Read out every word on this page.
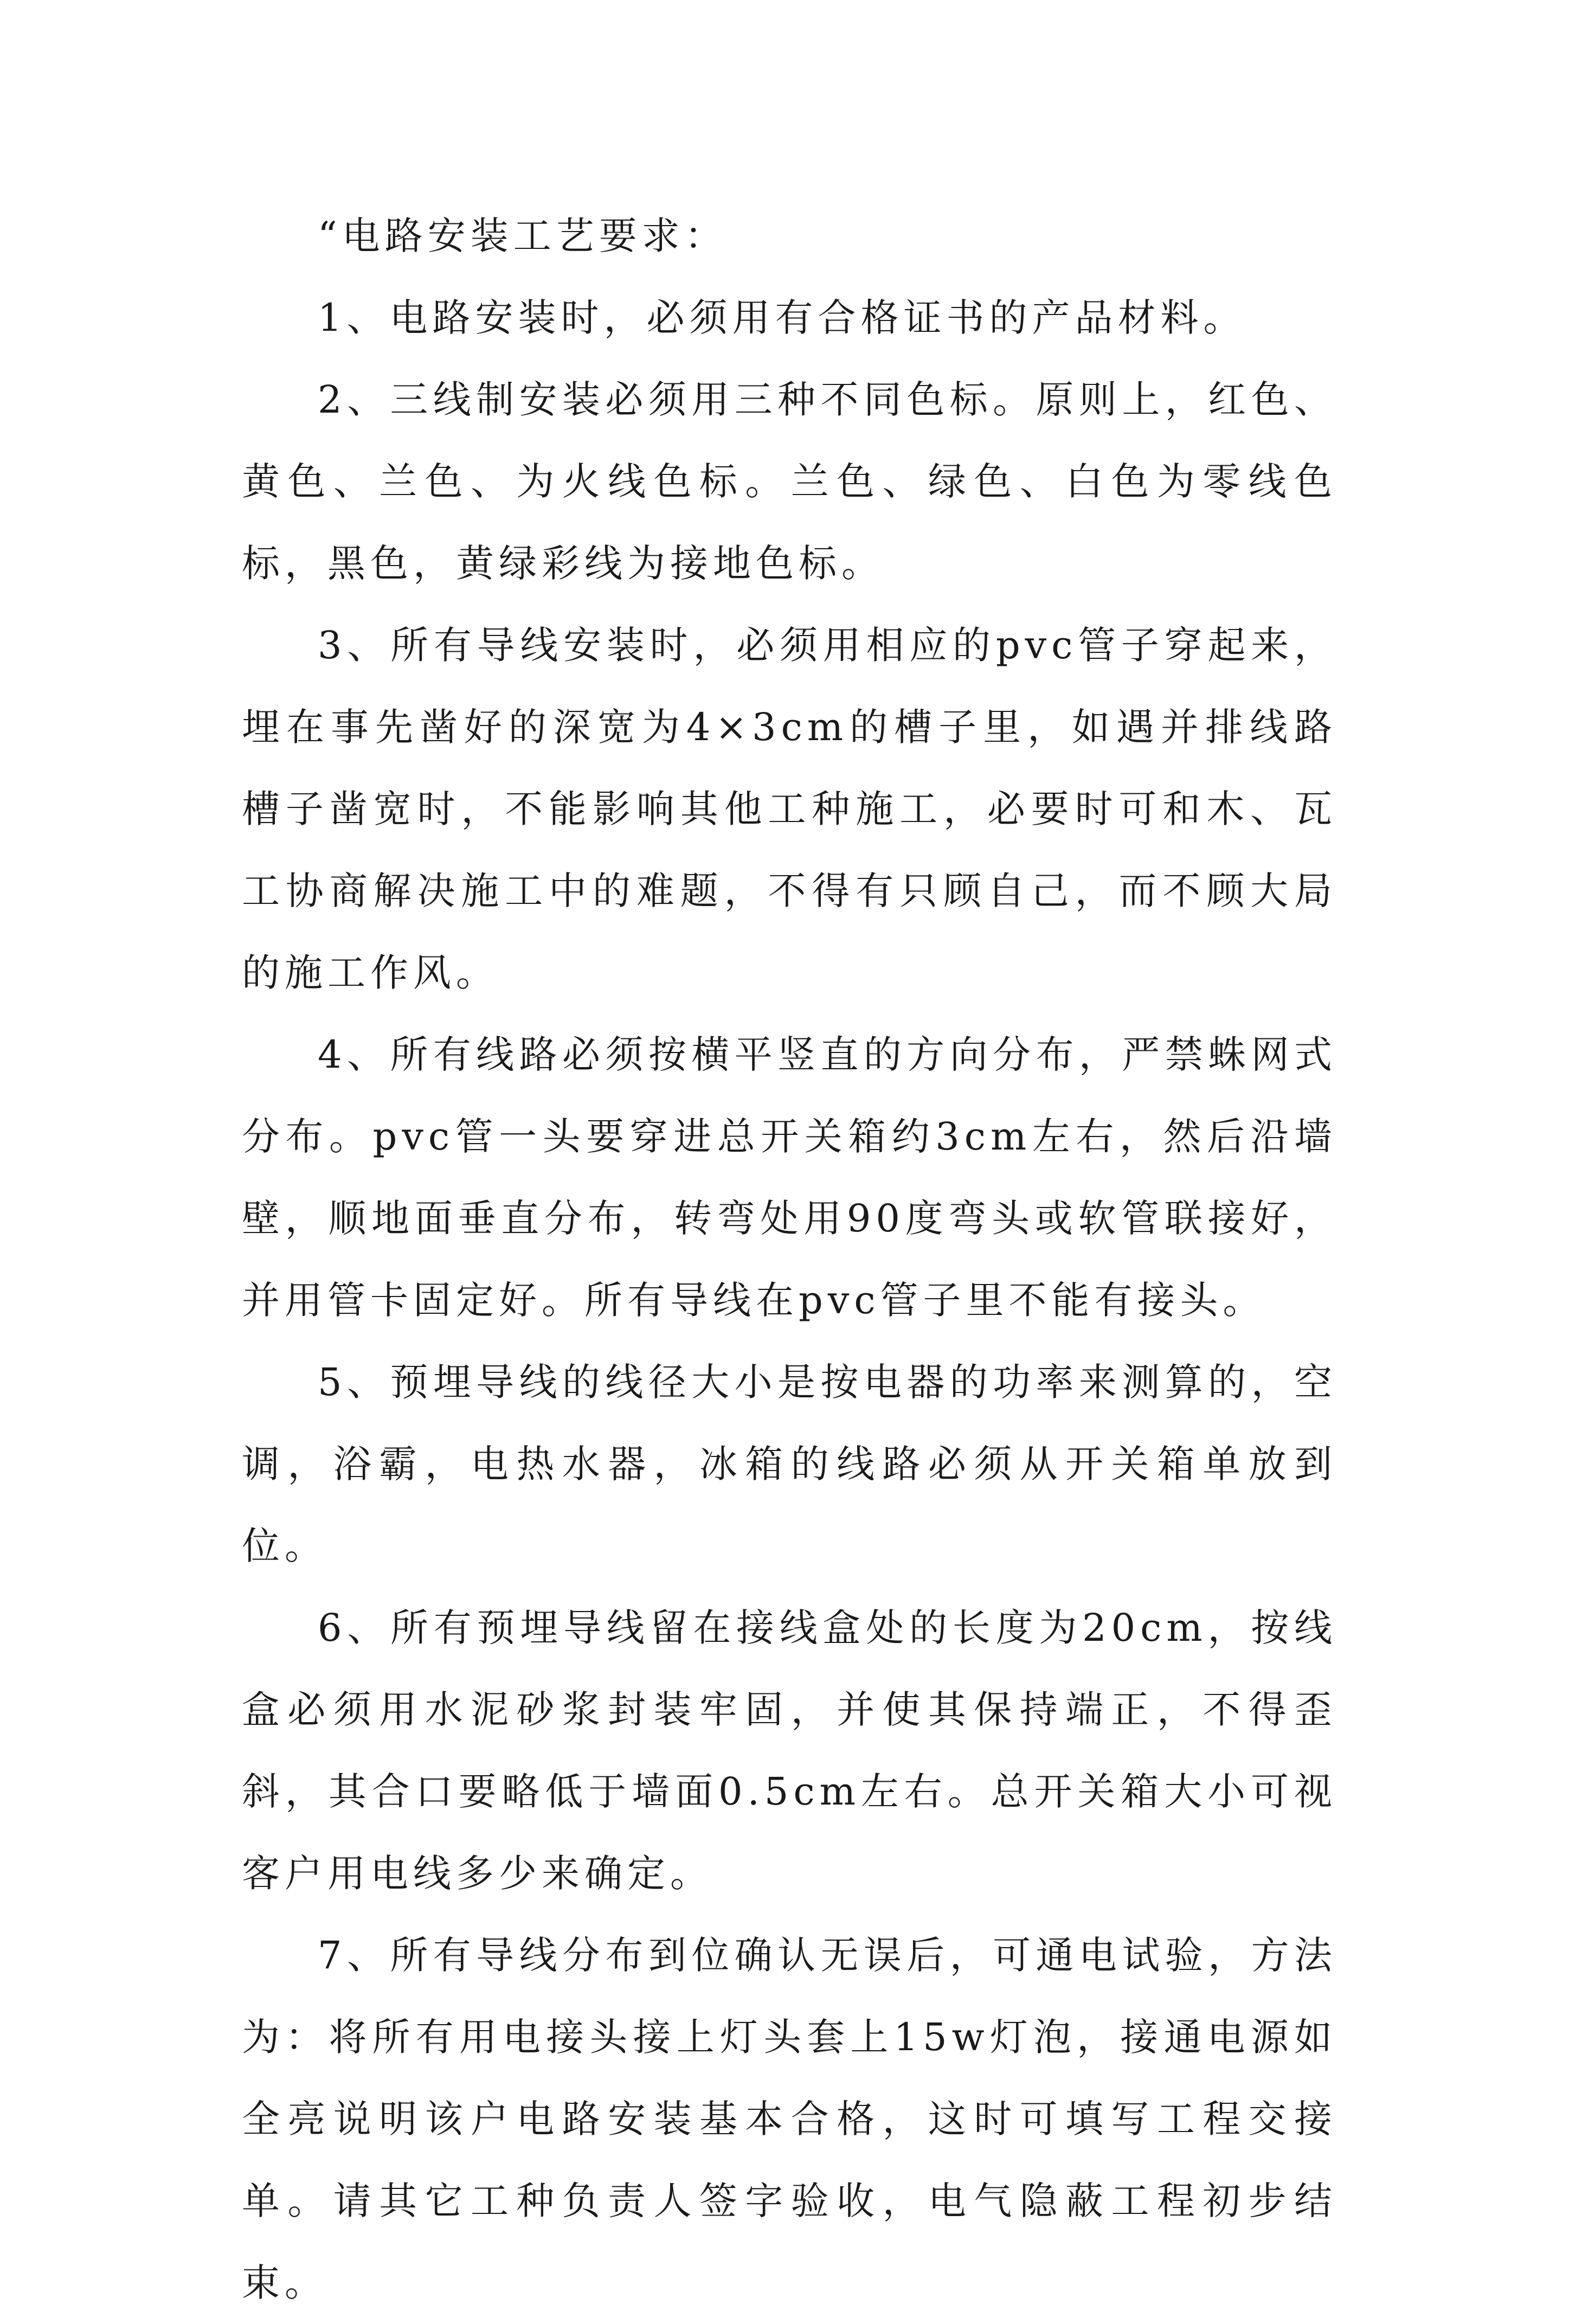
“电路安装工艺要求：

1、电路安装时，必须用有合格证书的产品材料。

2、三线制安装必须用三种不同色标。原则上，红色、黄色、兰色、为火线色标。兰色、绿色、白色为零线色标，黑色，黄绿彩线为接地色标。

3、所有导线安装时，必须用相应的pvc管子穿起来，埋在事先凿好的深宽为4×3cm的槽子里，如遇并排线路槽子凿宽时，不能影响其他工种施工，必要时可和木、瓦工协商解决施工中的难题，不得有只顾自己，而不顾大局的施工作风。

4、所有线路必须按横平竖直的方向分布，严禁蛛网式分布。pvc管一头要穿进总开关箱约3cm左右，然后沿墙壁，顺地面垂直分布，转弯处用90度弯头或软管联接好，并用管卡固定好。所有导线在pvc管子里不能有接头。

5、预埋导线的线径大小是按电器的功率来测算的，空调，浴霸，电热水器，冰箱的线路必须从开关箱单放到位。

6、所有预埋导线留在接线盒处的长度为20cm，按线盒必须用水泥砂浆封装牢固，并使其保持端正，不得歪斜，其合口要略低于墙面0.5cm左右。总开关箱大小可视客户用电线多少来确定。

7、所有导线分布到位确认无误后，可通电试验，方法为：将所有用电接头接上灯头套上15w灯泡，接通电源如全亮说明该户电路安装基本合格，这时可填写工程交接单。请其它工种负责人签字验收，电气隐蔽工程初步结束。
